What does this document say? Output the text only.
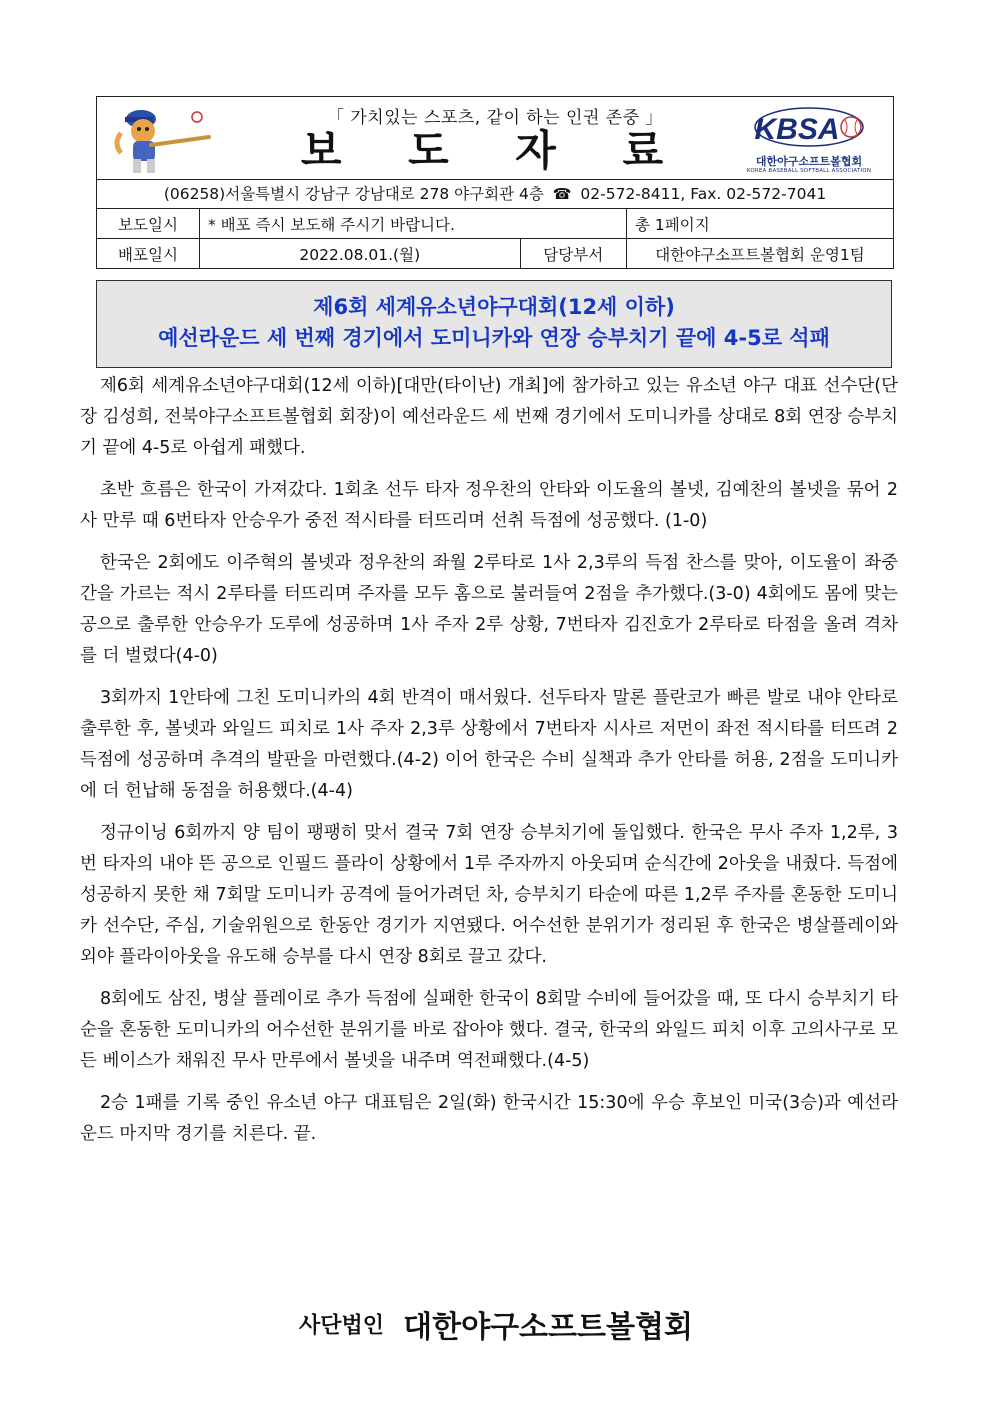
「 가치있는 스포츠, 같이 하는 인권 존중 」
보 도 자 료	KBSA
대한야구소프트볼협회
KOREA BASEBALL SOFTBALL ASSOCIATION
(06258)서울특별시 강남구 강남대로 278 야구회관 4층 ☎ 02-572-8411, Fax. 02-572-7041
보도일시	* 배포 즉시 보도해 주시기 바랍니다.		총 1페이지
배포일시	2022.08.01.(월)	담당부서	대한야구소프트볼협회 운영1팀
제6회 세계유소년야구대회(12세 이하)
예선라운드 세 번째 경기에서 도미니카와 연장 승부치기 끝에 4-5로 석패

제6회 세계유소년야구대회(12세 이하)[대만(타이난) 개최]에 참가하고 있는 유소년 야구 대표 선수단(단장 김성희, 전북야구소프트볼협회 회장)이 예선라운드 세 번째 경기에서 도미니카를 상대로 8회 연장 승부치기 끝에 4-5로 아쉽게 패했다.

초반 흐름은 한국이 가져갔다. 1회초 선두 타자 정우찬의 안타와 이도율의 볼넷, 김예찬의 볼넷을 묶어 2사 만루 때 6번타자 안승우가 중전 적시타를 터뜨리며 선취 득점에 성공했다. (1-0)

한국은 2회에도 이주혁의 볼넷과 정우찬의 좌월 2루타로 1사 2,3루의 득점 찬스를 맞아, 이도율이 좌중간을 가르는 적시 2루타를 터뜨리며 주자를 모두 홈으로 불러들여 2점을 추가했다.(3-0) 4회에도 몸에 맞는 공으로 출루한 안승우가 도루에 성공하며 1사 주자 2루 상황, 7번타자 김진호가 2루타로 타점을 올려 격차를 더 벌렸다(4-0)

3회까지 1안타에 그친 도미니카의 4회 반격이 매서웠다. 선두타자 말론 플란코가 빠른 발로 내야 안타로 출루한 후, 볼넷과 와일드 피치로 1사 주자 2,3루 상황에서 7번타자 시사르 저먼이 좌전 적시타를 터뜨려 2득점에 성공하며 추격의 발판을 마련했다.(4-2) 이어 한국은 수비 실책과 추가 안타를 허용, 2점을 도미니카에 더 헌납해 동점을 허용했다.(4-4)

정규이닝 6회까지 양 팀이 팽팽히 맞서 결국 7회 연장 승부치기에 돌입했다. 한국은 무사 주자 1,2루, 3번 타자의 내야 뜬 공으로 인필드 플라이 상황에서 1루 주자까지 아웃되며 순식간에 2아웃을 내줬다. 득점에 성공하지 못한 채 7회말 도미니카 공격에 들어가려던 차, 승부치기 타순에 따른 1,2루 주자를 혼동한 도미니카 선수단, 주심, 기술위원으로 한동안 경기가 지연됐다. 어수선한 분위기가 정리된 후 한국은 병살플레이와 외야 플라이아웃을 유도해 승부를 다시 연장 8회로 끌고 갔다.

8회에도 삼진, 병살 플레이로 추가 득점에 실패한 한국이 8회말 수비에 들어갔을 때, 또 다시 승부치기 타순을 혼동한 도미니카의 어수선한 분위기를 바로 잡아야 했다. 결국, 한국의 와일드 피치 이후 고의사구로 모든 베이스가 채워진 무사 만루에서 볼넷을 내주며 역전패했다.(4-5)

2승 1패를 기록 중인 유소년 야구 대표팀은 2일(화) 한국시간 15:30에 우승 후보인 미국(3승)과 예선라운드 마지막 경기를 치른다. 끝.

사단법인 대한야구소프트볼협회
